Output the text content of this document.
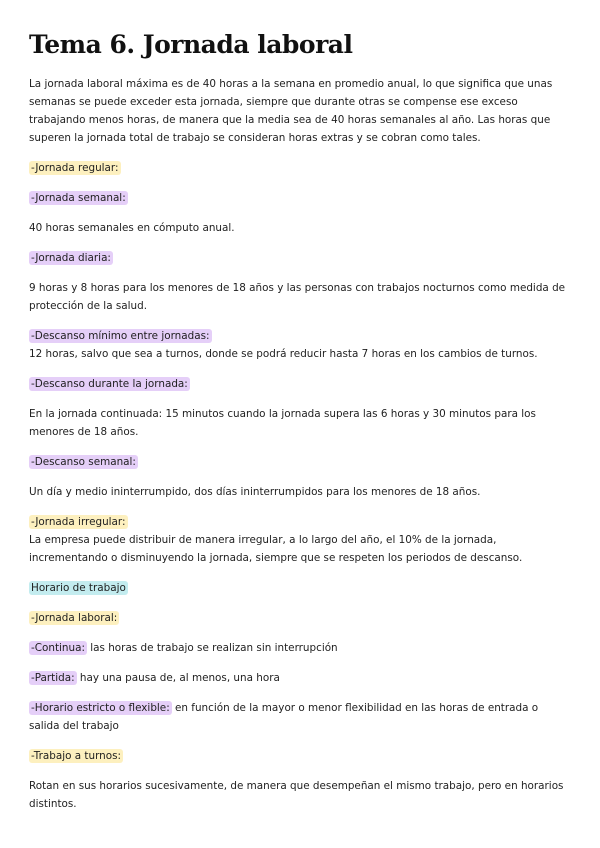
Tema 6. Jornada laboral

La jornada laboral máxima es de 40 horas a la semana en promedio anual, lo que significa que unas semanas se puede exceder esta jornada, siempre que durante otras se compense ese exceso trabajando menos horas, de manera que la media sea de 40 horas semanales al año. Las horas que superen la jornada total de trabajo se consideran horas extras y se cobran como tales.

-Jornada regular:

-Jornada semanal:

40 horas semanales en cómputo anual.

-Jornada diaria:

9 horas y 8 horas para los menores de 18 años y las personas con trabajos nocturnos como medida de protección de la salud.

-Descanso mínimo entre jornadas:

12 horas, salvo que sea a turnos, donde se podrá reducir hasta 7 horas en los cambios de turnos.

-Descanso durante la jornada:

En la jornada continuada: 15 minutos cuando la jornada supera las 6 horas y 30 minutos para los menores de 18 años.

-Descanso semanal:

Un día y medio ininterrumpido, dos días ininterrumpidos para los menores de 18 años.

-Jornada irregular:

La empresa puede distribuir de manera irregular, a lo largo del año, el 10% de la jornada, incrementando o disminuyendo la jornada, siempre que se respeten los periodos de descanso.

Horario de trabajo

-Jornada laboral:

-Continua: las horas de trabajo se realizan sin interrupción

-Partida: hay una pausa de, al menos, una hora

-Horario estricto o flexible: en función de la mayor o menor flexibilidad en las horas de entrada o salida del trabajo

-Trabajo a turnos:

Rotan en sus horarios sucesivamente, de manera que desempeñan el mismo trabajo, pero en horarios distintos.
